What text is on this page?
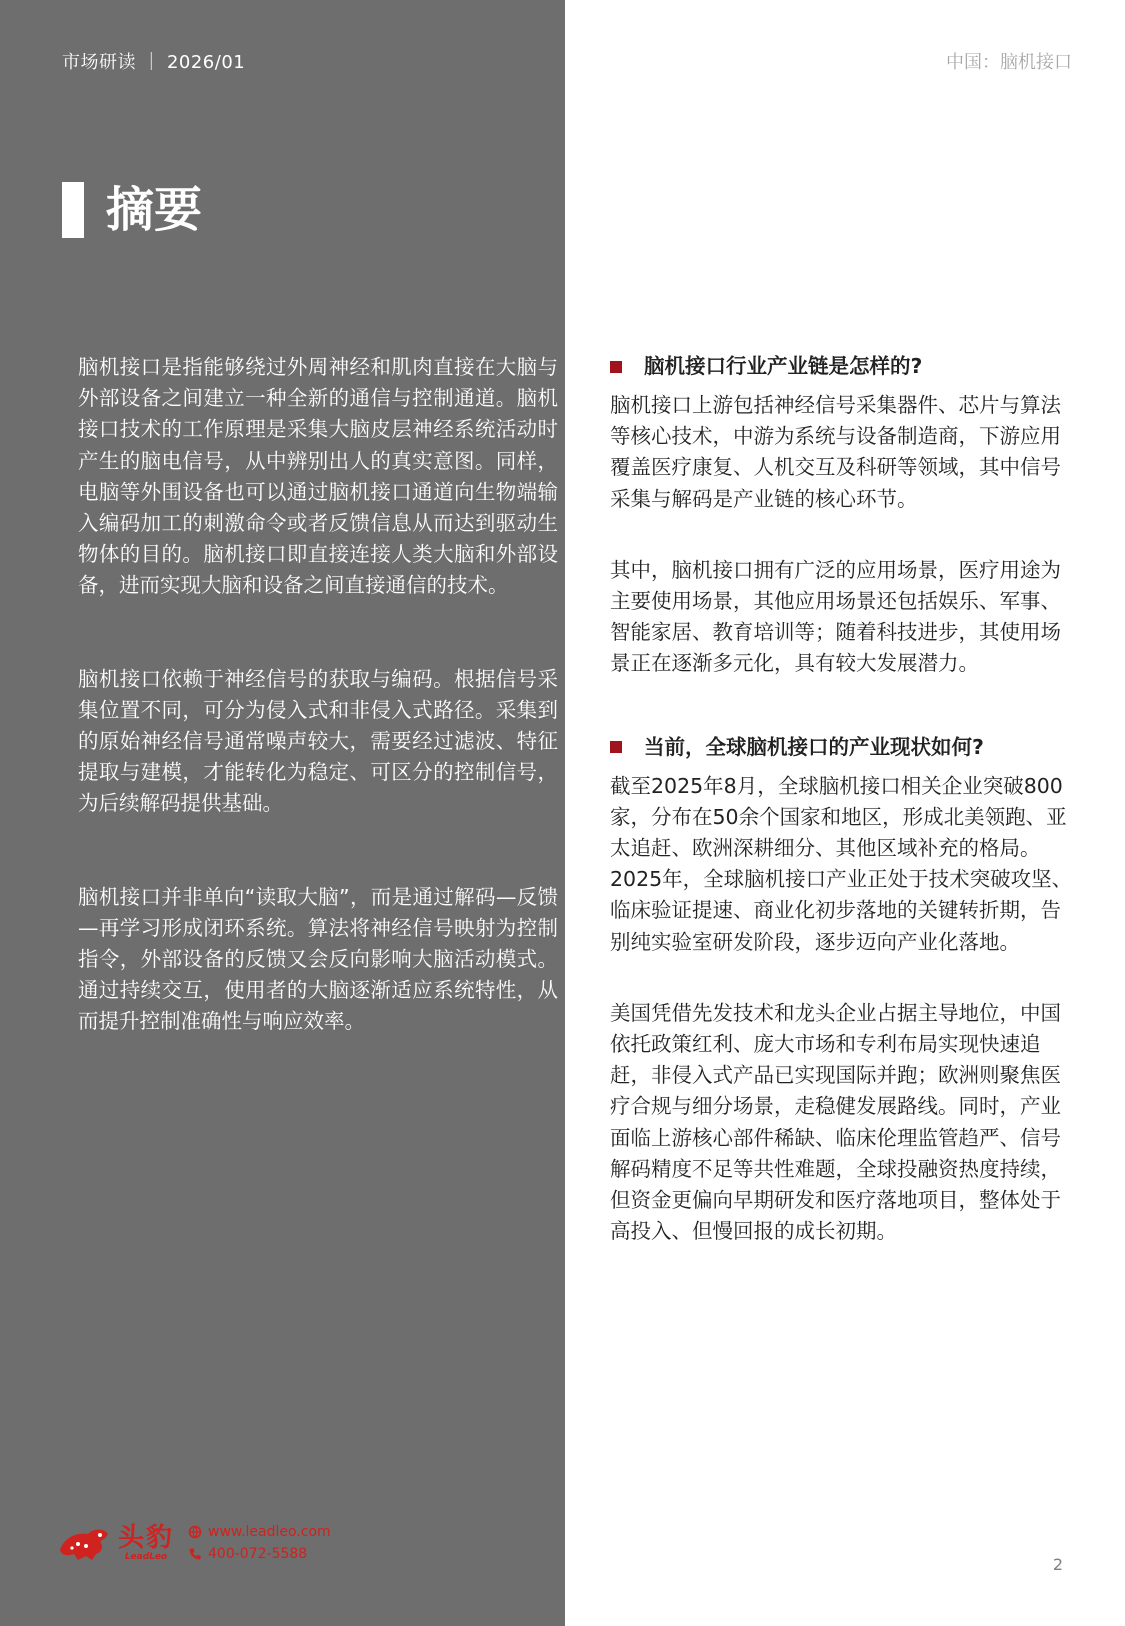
市场研读 ｜ 2026/01	中国：脑机接口
摘要

脑机接口是指能够绕过外周神经和肌肉直接在大脑与外部设备之间建立一种全新的通信与控制通道。脑机接口技术的工作原理是采集大脑皮层神经系统活动时产生的脑电信号，从中辨别出人的真实意图。同样，电脑等外围设备也可以通过脑机接口通道向生物端输入编码加工的刺激命令或者反馈信息从而达到驱动生物体的目的。脑机接口即直接连接人类大脑和外部设备，进而实现大脑和设备之间直接通信的技术。

脑机接口依赖于神经信号的获取与编码。根据信号采集位置不同，可分为侵入式和非侵入式路径。采集到的原始神经信号通常噪声较大，需要经过滤波、特征提取与建模，才能转化为稳定、可区分的控制信号，为后续解码提供基础。

脑机接口并非单向“读取大脑”，而是通过解码—反馈—再学习形成闭环系统。算法将神经信号映射为控制指令，外部设备的反馈又会反向影响大脑活动模式。通过持续交互，使用者的大脑逐渐适应系统特性，从而提升控制准确性与响应效率。

脑机接口行业产业链是怎样的?

脑机接口上游包括神经信号采集器件、芯片与算法等核心技术，中游为系统与设备制造商，下游应用覆盖医疗康复、人机交互及科研等领域，其中信号采集与解码是产业链的核心环节。

其中，脑机接口拥有广泛的应用场景，医疗用途为主要使用场景，其他应用场景还包括娱乐、军事、智能家居、教育培训等；随着科技进步，其使用场景正在逐渐多元化，具有较大发展潜力。

当前，全球脑机接口的产业现状如何?

截至2025年8月，全球脑机接口相关企业突破800家，分布在50余个国家和地区，形成北美领跑、亚太追赶、欧洲深耕细分、其他区域补充的格局。2025年，全球脑机接口产业正处于技术突破攻坚、临床验证提速、商业化初步落地的关键转折期，告别纯实验室研发阶段，逐步迈向产业化落地。

美国凭借先发技术和龙头企业占据主导地位，中国依托政策红利、庞大市场和专利布局实现快速追赶，非侵入式产品已实现国际并跑；欧洲则聚焦医疗合规与细分场景，走稳健发展路线。同时，产业面临上游核心部件稀缺、临床伦理监管趋严、信号解码精度不足等共性难题，全球投融资热度持续，但资金更偏向早期研发和医疗落地项目，整体处于高投入、但慢回报的成长初期。

头豹
LeadLeo
www.leadleo.com
400-072-5588
2
